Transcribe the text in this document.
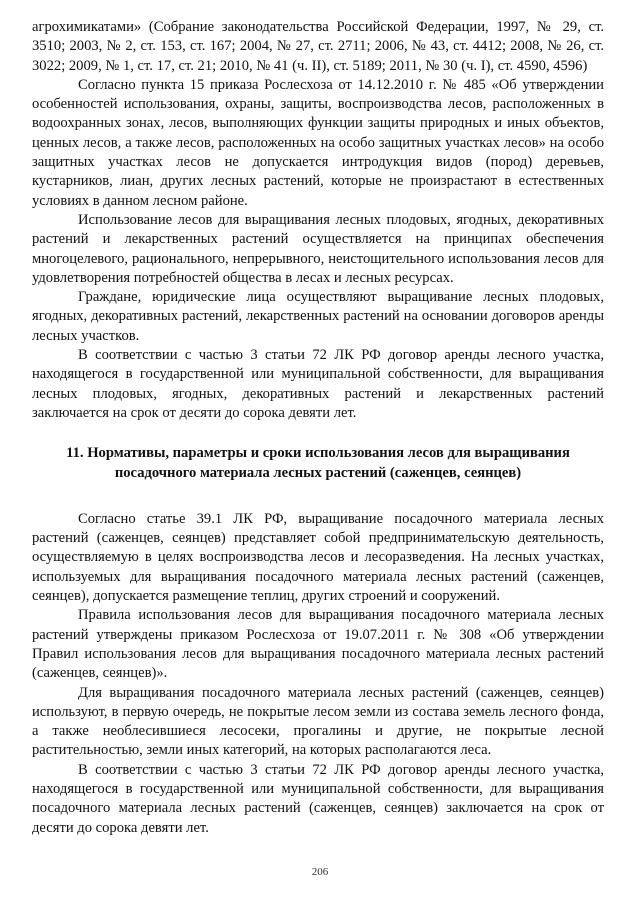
агрохимикатами» (Собрание законодательства Российской Федерации, 1997, № 29, ст. 3510; 2003, № 2, ст. 153, ст. 167; 2004, № 27, ст. 2711; 2006, № 43, ст. 4412; 2008, № 26, ст. 3022; 2009, № 1, ст. 17, ст. 21; 2010, № 41 (ч. II), ст. 5189; 2011, № 30 (ч. I), ст. 4590, 4596)

Согласно пункта 15 приказа Рослесхоза от 14.12.2010 г. № 485 «Об утверждении особенностей использования, охраны, защиты, воспроизводства лесов, расположенных в водоохранных зонах, лесов, выполняющих функции защиты природных и иных объектов, ценных лесов, а также лесов, расположенных на особо защитных участках лесов» на особо защитных участках лесов не допускается интродукция видов (пород) деревьев, кустарников, лиан, других лесных растений, которые не произрастают в естественных условиях в данном лесном районе.

Использование лесов для выращивания лесных плодовых, ягодных, декоративных растений и лекарственных растений осуществляется на принципах обеспечения многоцелевого, рационального, непрерывного, неистощительного использования лесов для удовлетворения потребностей общества в лесах и лесных ресурсах.

Граждане, юридические лица осуществляют выращивание лесных плодовых, ягодных, декоративных растений, лекарственных растений на основании договоров аренды лесных участков.

В соответствии с частью 3 статьи 72 ЛК РФ договор аренды лесного участка, находящегося в государственной или муниципальной собственности, для выращивания лесных плодовых, ягодных, декоративных растений и лекарственных растений заключается на срок от десяти до сорока девяти лет.

11. Нормативы, параметры и сроки использования лесов для выращивания посадочного материала лесных растений (саженцев, сеянцев)

Согласно статье 39.1 ЛК РФ, выращивание посадочного материала лесных растений (саженцев, сеянцев) представляет собой предпринимательскую деятельность, осуществляемую в целях воспроизводства лесов и лесоразведения. На лесных участках, используемых для выращивания посадочного материала лесных растений (саженцев, сеянцев), допускается размещение теплиц, других строений и сооружений.

Правила использования лесов для выращивания посадочного материала лесных растений утверждены приказом Рослесхоза от 19.07.2011 г. № 308 «Об утверждении Правил использования лесов для выращивания посадочного материала лесных растений (саженцев, сеянцев)».

Для выращивания посадочного материала лесных растений (саженцев, сеянцев) используют, в первую очередь, не покрытые лесом земли из состава земель лесного фонда, а также необлесившиеся лесосеки, прогалины и другие, не покрытые лесной растительностью, земли иных категорий, на которых располагаются леса.

В соответствии с частью 3 статьи 72 ЛК РФ договор аренды лесного участка, находящегося в государственной или муниципальной собственности, для выращивания посадочного материала лесных растений (саженцев, сеянцев) заключается на срок от десяти до сорока девяти лет.

206
